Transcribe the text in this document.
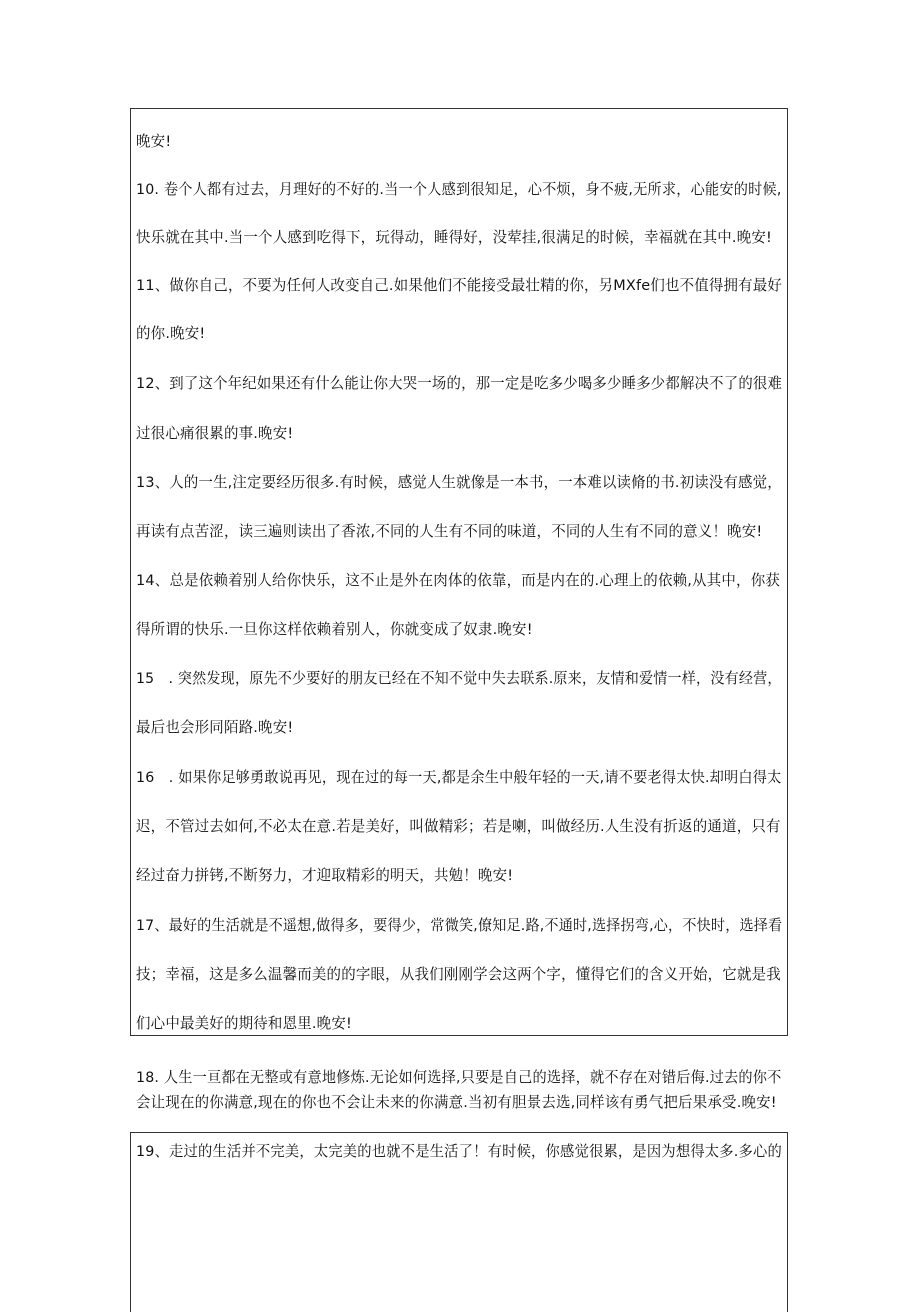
晚安!
10. 卷个人都有过去，月理好的不好的.当一个人感到很知足，心不烦，身不疲,无所求，心能安的时候,
快乐就在其中.当一个人感到吃得下，玩得动，睡得好，没荤挂,很满足的时候，幸福就在其中.晚安!
11、做你自己，不要为任何人改变自己.如果他们不能接受最壮精的你，另MXfe们也不值得拥有最好
的你.晚安!
12、到了这个年纪如果还有什么能让你大哭一场的，那一定是吃多少喝多少睡多少都解决不了的很难
过很心痛很累的事.晚安!
13、人的一生,注定要经历很多.有时候，感觉人生就像是一本书，一本难以读脩的书.初读没有感觉，
再读有点苦涩，读三遍则读出了香浓,不同的人生有不同的味道，不同的人生有不同的意义！晚安!
14、总是依赖着别人给你快乐，这不止是外在肉体的依靠，而是内在的.心理上的依赖,从其中，你获
得所谓的快乐.一旦你这样依赖着别人，你就变成了奴隶.晚安!
15　. 突然发现，原先不少要好的朋友已经在不知不觉中失去联系.原来，友情和爱情一样，没有经营，
最后也会形同陌路.晚安!
16　. 如果你足够勇敢说再见，现在过的每一天,都是余生中般年轻的一天,请不要老得太快.却明白得太
迟，不管过去如何,不必太在意.若是美好，叫做精彩；若是喇，叫做经历.人生没有折返的通道，只有
经过奋力拼铐,不断努力，才迎取精彩的明天，共勉！晚安!
17、最好的生活就是不遥想,做得多，要得少，常微笑,僚知足.路,不通时,选择拐弯,心，不快时，选择看
技；幸福，这是多么温馨而美的的字眼，从我们刚刚学会这两个字，懂得它们的含义开始，它就是我
们心中最美好的期待和恩里.晚安!
18. 人生一亘都在无整或有意地修炼.无论如何选择,只要是自己的选择，就不存在对错后侮.过去的你不
会让现在的你满意,现在的你也不会让未来的你满意.当初有胆景去选,同样该有勇气把后果承受.晚安!
19、走过的生活并不完美，太完美的也就不是生活了！有时候，你感觉很累，是因为想得太多.多心的
